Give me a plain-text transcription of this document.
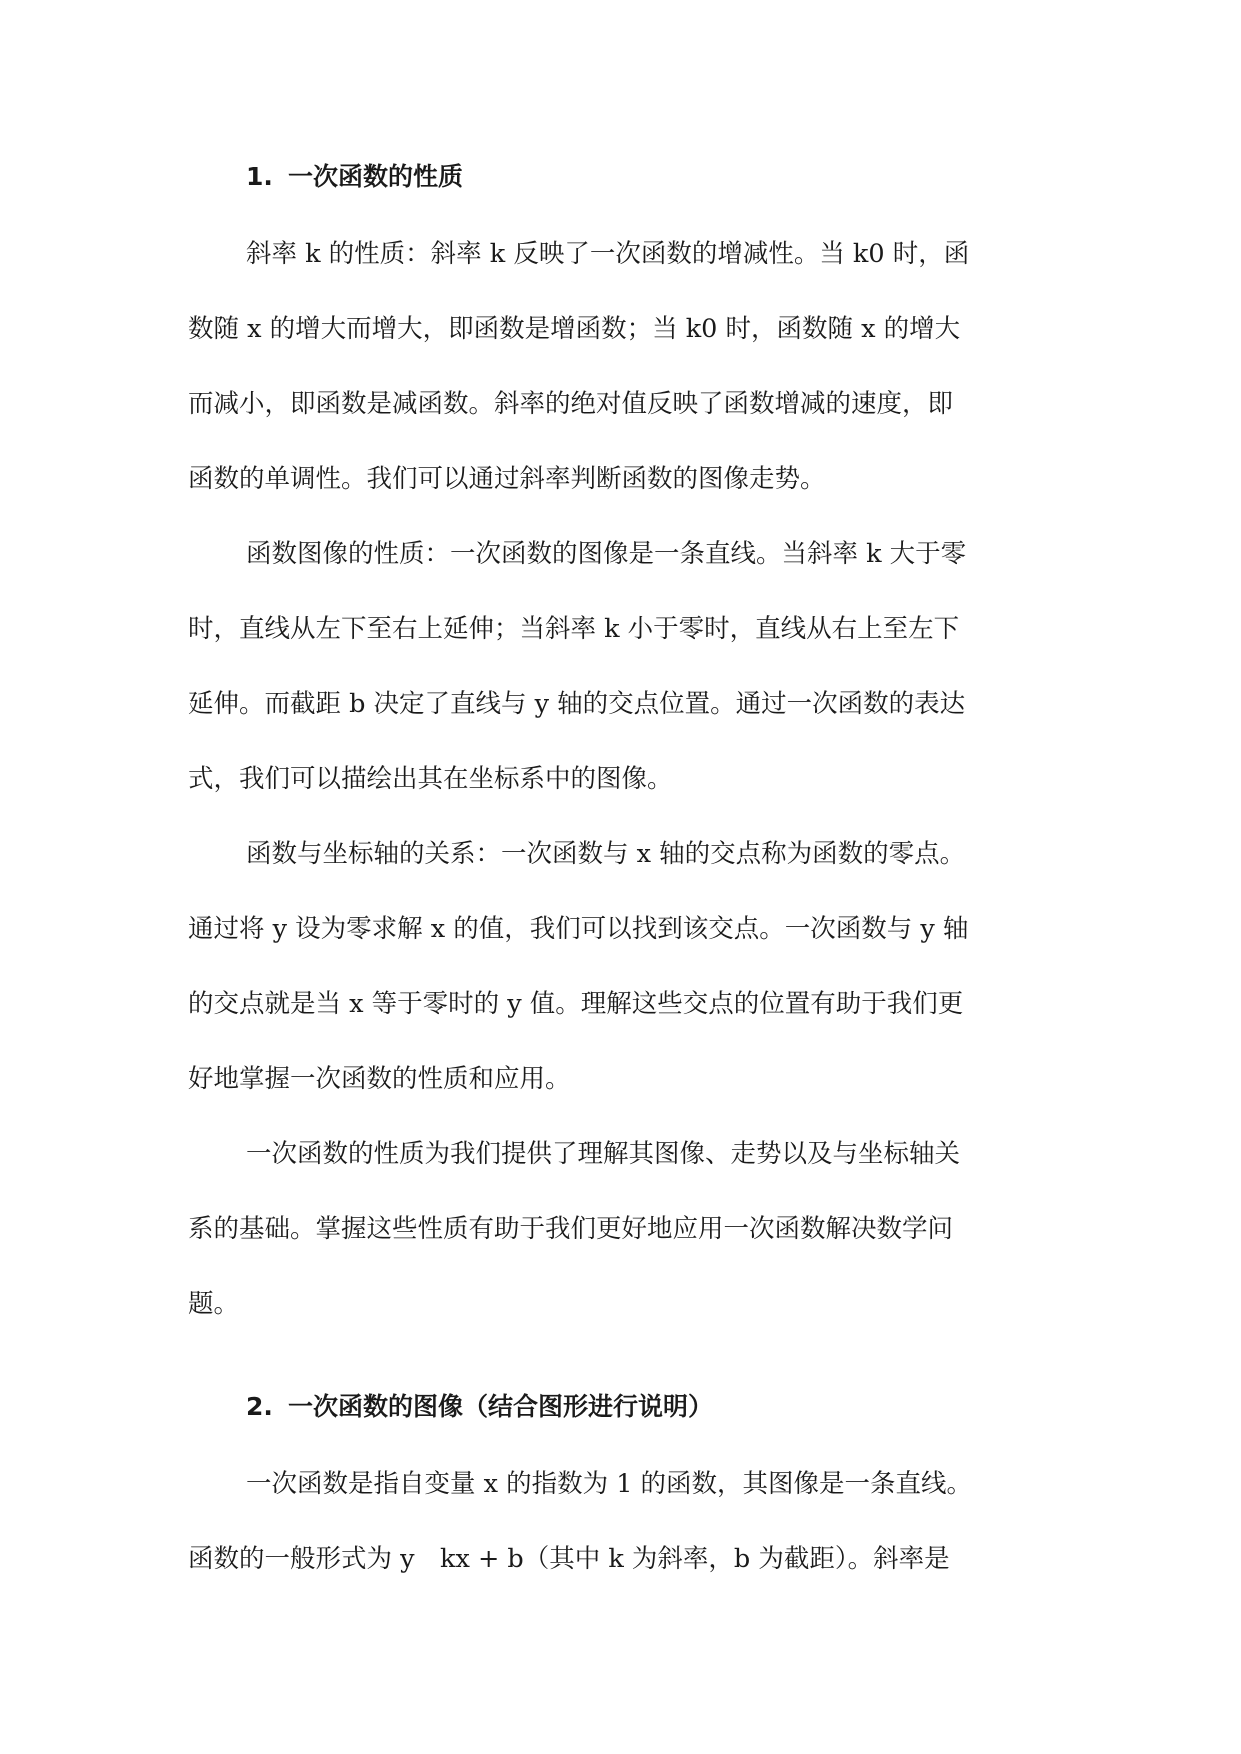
1. 一次函数的性质

斜率 k 的性质：斜率 k 反映了一次函数的增减性。当 k0 时，函
数随 x 的增大而增大，即函数是增函数；当 k0 时，函数随 x 的增大
而减小，即函数是减函数。斜率的绝对值反映了函数增减的速度，即
函数的单调性。我们可以通过斜率判断函数的图像走势。

函数图像的性质：一次函数的图像是一条直线。当斜率 k 大于零
时，直线从左下至右上延伸；当斜率 k 小于零时，直线从右上至左下
延伸。而截距 b 决定了直线与 y 轴的交点位置。通过一次函数的表达
式，我们可以描绘出其在坐标系中的图像。

函数与坐标轴的关系：一次函数与 x 轴的交点称为函数的零点。
通过将 y 设为零求解 x 的值，我们可以找到该交点。一次函数与 y 轴
的交点就是当 x 等于零时的 y 值。理解这些交点的位置有助于我们更
好地掌握一次函数的性质和应用。

一次函数的性质为我们提供了理解其图像、走势以及与坐标轴关
系的基础。掌握这些性质有助于我们更好地应用一次函数解决数学问
题。

2. 一次函数的图像（结合图形进行说明）

一次函数是指自变量 x 的指数为 1 的函数，其图像是一条直线。
函数的一般形式为 y　kx + b（其中 k 为斜率，b 为截距）。斜率是
